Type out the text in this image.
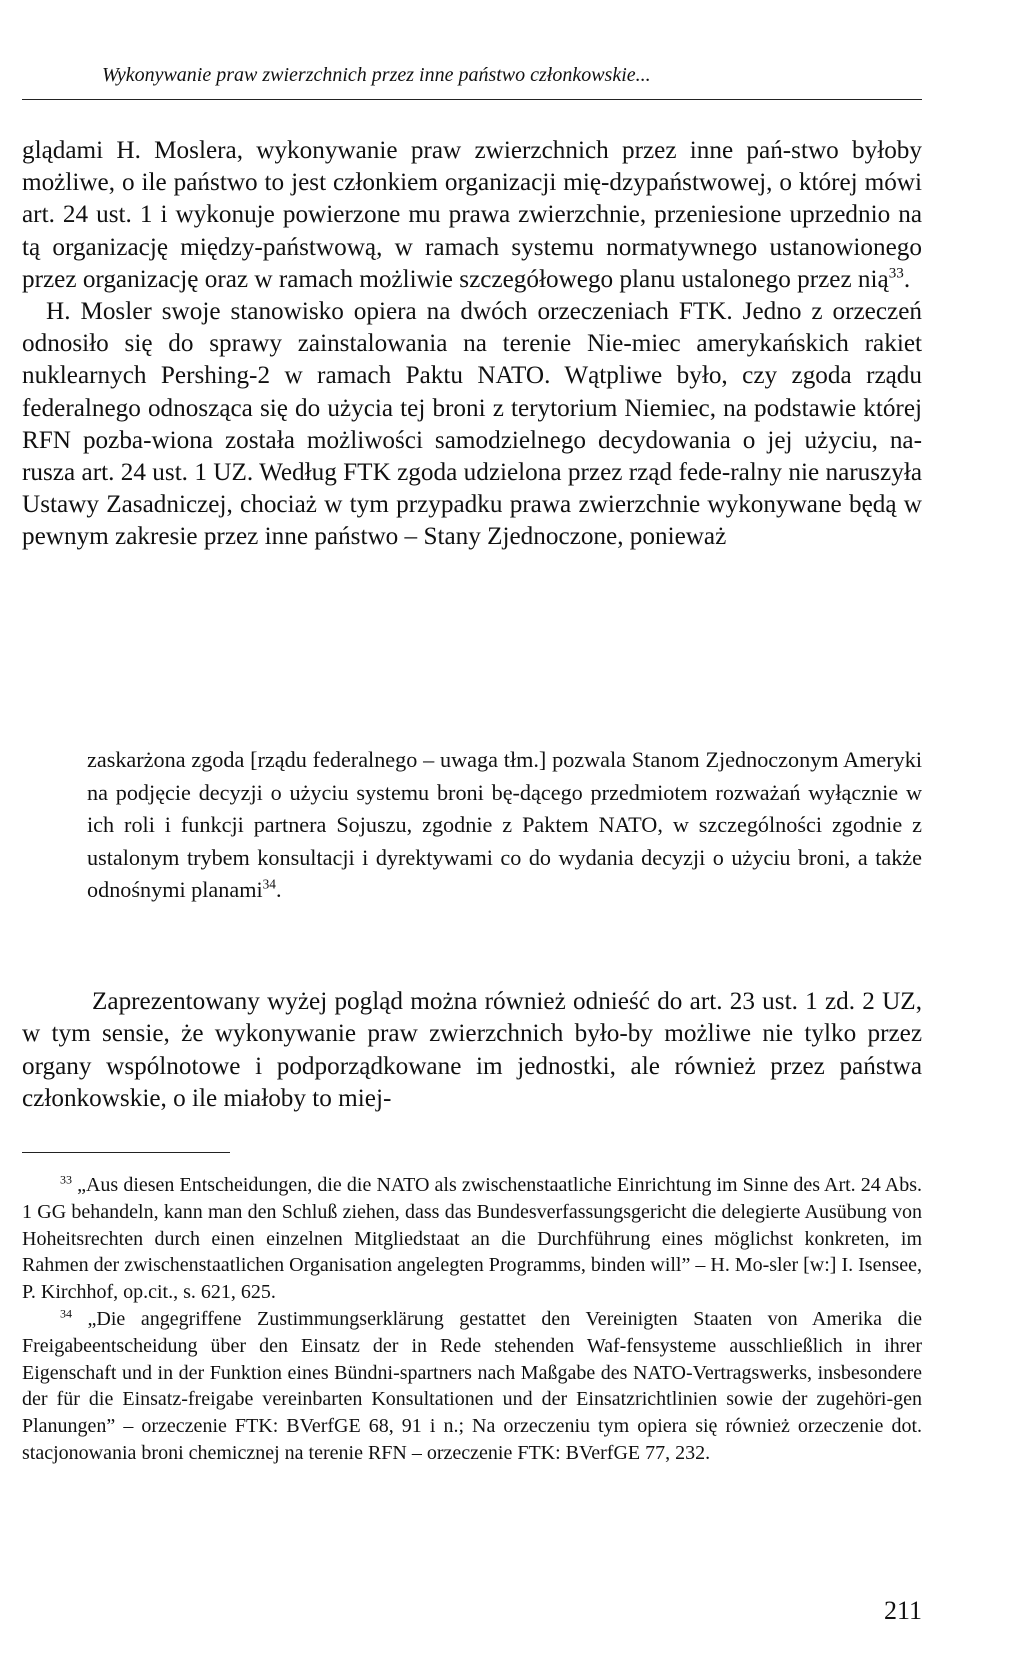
Wykonywanie praw zwierzchnich przez inne państwo członkowskie...

glądami H. Moslera, wykonywanie praw zwierzchnich przez inne pań-stwo byłoby możliwe, o ile państwo to jest członkiem organizacji mię-dzypaństwowej, o której mówi art. 24 ust. 1 i wykonuje powierzone mu prawa zwierzchnie, przeniesione uprzednio na tą organizację między-państwową, w ramach systemu normatywnego ustanowionego przez organizację oraz w ramach możliwie szczegółowego planu ustalonego przez nią$^{33}$.

H. Mosler swoje stanowisko opiera na dwóch orzeczeniach FTK. Jedno z orzeczeń odnosiło się do sprawy zainstalowania na terenie Nie-miec amerykańskich rakiet nuklearnych Pershing-2 w ramach Paktu NATO. Wątpliwe było, czy zgoda rządu federalnego odnosząca się do użycia tej broni z terytorium Niemiec, na podstawie której RFN pozba-wiona została możliwości samodzielnego decydowania o jej użyciu, na-rusza art. 24 ust. 1 UZ. Według FTK zgoda udzielona przez rząd fede-ralny nie naruszyła Ustawy Zasadniczej, chociaż w tym przypadku prawa zwierzchnie wykonywane będą w pewnym zakresie przez inne państwo – Stany Zjednoczone, ponieważ

zaskarżona zgoda [rządu federalnego – uwaga tłm.] pozwala Stanom Zjednoczonym Ameryki na podjęcie decyzji o użyciu systemu broni bę-dącego przedmiotem rozważań wyłącznie w ich roli i funkcji partnera Sojuszu, zgodnie z Paktem NATO, w szczególności zgodnie z ustalonym trybem konsultacji i dyrektywami co do wydania decyzji o użyciu broni, a także odnośnymi planami$^{34}$.

Zaprezentowany wyżej pogląd można również odnieść do art. 23 ust. 1 zd. 2 UZ, w tym sensie, że wykonywanie praw zwierzchnich było-by możliwe nie tylko przez organy wspólnotowe i podporządkowane im jednostki, ale również przez państwa członkowskie, o ile miałoby to miej-

$^{33}$ „Aus diesen Entscheidungen, die die NATO als zwischenstaatliche Einrichtung im Sinne des Art. 24 Abs. 1 GG behandeln, kann man den Schluß ziehen, dass das Bundesverfassungsgericht die delegierte Ausübung von Hoheitsrechten durch einen einzelnen Mitgliedstaat an die Durchführung eines möglichst konkreten, im Rahmen der zwischenstaatlichen Organisation angelegten Programms, binden will” – H. Mo-sler [w:] I. Isensee, P. Kirchhof, op.cit., s. 621, 625.

$^{34}$ „Die angegriffene Zustimmungserklärung gestattet den Vereinigten Staaten von Amerika die Freigabeentscheidung über den Einsatz der in Rede stehenden Waf-fensysteme ausschließlich in ihrer Eigenschaft und in der Funktion eines Bündni-spartners nach Maßgabe des NATO-Vertragswerks, insbesondere der für die Einsatz-freigabe vereinbarten Konsultationen und der Einsatzrichtlinien sowie der zugehöri-gen Planungen” – orzeczenie FTK: BVerfGE 68, 91 i n.; Na orzeczeniu tym opiera się również orzeczenie dot. stacjonowania broni chemicznej na terenie RFN – orzeczenie FTK: BVerfGE 77, 232.

211
